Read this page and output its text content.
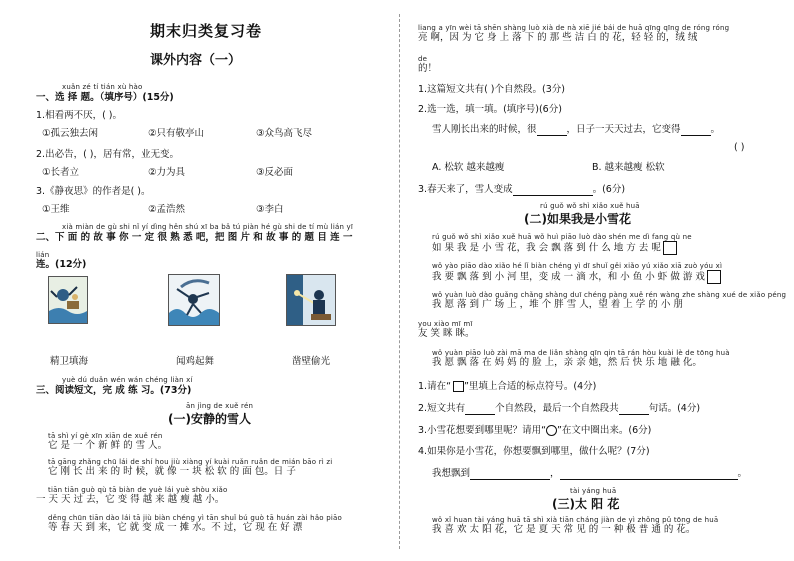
期末归类复习卷
课外内容（一）
xuǎn zé tí tián xù hào
一、选 择 题。（填序号）(15分)
1.相看两不厌，( )。
①孤云独去闲	②只有敬亭山	③众鸟高飞尽
2.出必告，( )，居有常，业无变。
①长者立	②力为具	③反必面
3.《静夜思》的作者是( )。
①王维	②孟浩然	③李白
xià miàn de gù shi nǐ yí dìng hěn shú xī ba bǎ tú piàn hé gù shi de tí mù lián yī
二、下 面 的 故 事 你 一 定 很 熟 悉 吧，把 图 片 和 故 事 的 题 目 连 一
lián
连。(12分)
精卫填海	闻鸡起舞	凿壁偷光
yuè dú duǎn wén wán chéng liàn xí
三、阅读短文，完 成 练 习。(73分)
ān jìng de xuě rén
(一)安静的雪人
tā shì yí gè xīn xiān de xuě rén
它 是 一 个 新 鲜 的 雪 人。
tā gāng zhǎng chū lái de shí hou jiù xiàng yí kuài ruǎn ruǎn de mián bāo rì zi
它 刚 长 出 来 的 时 候，就 像 一 块 松 软 的 面 包。日 子
tiān tiān guò qù tā biàn de yuè lái yuè shòu xiǎo
一 天 天 过 去，它 变 得 越 来 越 瘦 越 小。
děng chūn tiān dào lái tā jiù biàn chéng yì tān shuǐ bú guò tā huán zài hǎo piāo
等 春 天 到 来，它 就 变 成 一 摊 水。不 过，它 现 在 好 漂
liang a yīn wèi tā shēn shàng luò xià de nà xiē jié bái de huā qīng qīng de róng róng
亮 啊，因 为 它 身 上 落 下 的 那 些 洁 白 的 花，轻 轻 的，绒 绒
de
的！
1.这篇短文共有( )个自然段。(3分)
2.选一选，填一填。(填序号)(6分)
雪人刚长出来的时候，很	，日子一天天过去，它变得	。
( )
A. 松软 越来越瘦	B. 越来越瘦 松软
3.春天来了，雪人变成	。(6分)
rú guǒ wǒ shì xiǎo xuě huā
(二)如果我是小雪花
rú guǒ wǒ shì xiǎo xuě huā wǒ huì piāo luò dào shén me dì fang qù ne
如 果 我 是 小 雪 花，我 会 飘 落 到 什 么 地 方 去 呢
wǒ yào piāo dào xiǎo hé lǐ biàn chéng yì dī shuǐ gěi xiǎo yú xiǎo xiā zuò yóu xì
我 要 飘 落 到 小 河 里，变 成 一 滴 水，和 小 鱼 小 虾 做 游 戏
wǒ yuàn luò dào guǎng chǎng shàng duī chéng pàng xuě rén wàng zhe shàng xué de xiǎo péng
我 愿 落 到 广 场 上 ，堆 个 胖 雪 人，望 着 上 学 的 小 朋
you xiào mī mī
友 笑 眯 眯。
wǒ yuàn piāo luò zài mā ma de liǎn shàng qīn qin tā rán hòu kuài lè de tōng huà
我 愿 飘 落 在 妈 妈 的 脸 上，亲 亲 她，然 后 快 乐 地 融 化。
1.请在“ ”里填上合适的标点符号。(4分)
2.短文共有	个自然段，最后一个自然段共	句话。(4分)
3.小雪花想要到哪里呢？请用“ ”在文中圈出来。(6分)
4.如果你是小雪花，你想要飘到哪里，做什么呢？(7分)
我想飘到	，	。
tài yáng huā
(三)太 阳 花
wǒ xǐ huan tài yáng huā tā shì xià tiān cháng jiàn de yì zhǒng pǔ tōng de huā
我 喜 欢 太 阳 花，它 是 夏 天 常 见 的 一 种 极 普 通 的 花。
